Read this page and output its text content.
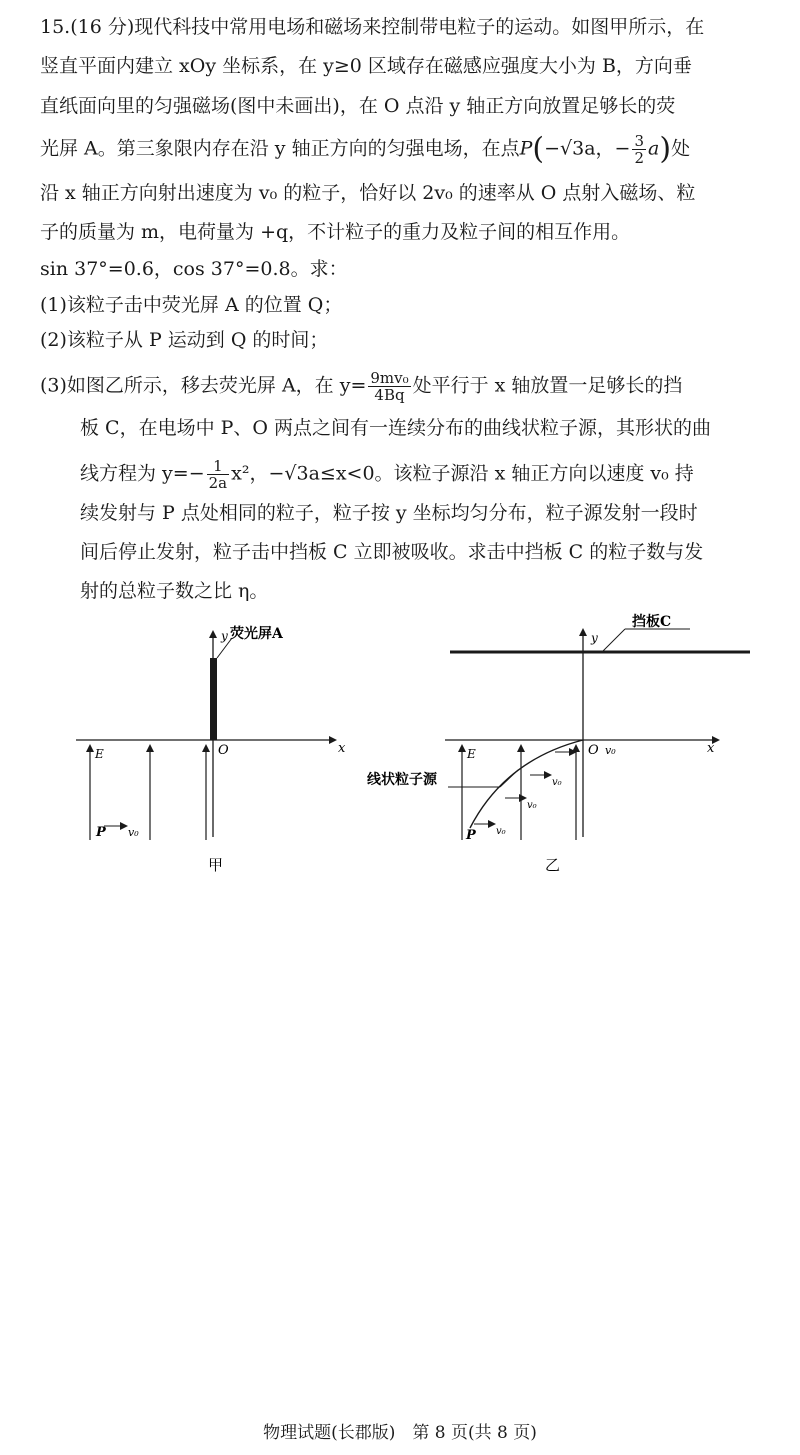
15.(16 分)现代科技中常用电场和磁场来控制带电粒子的运动。如图甲所示，在
竖直平面内建立 xOy 坐标系，在 y≥0 区域存在磁感应强度大小为 B，方向垂
直纸面向里的匀强磁场(图中未画出)，在 O 点沿 y 轴正方向放置足够长的荧
光屏 A。第三象限内存在沿 y 轴正方向的匀强电场，在点P(−√3a，− $\frac{3}{2} a$)处
沿 x 轴正方向射出速度为 v₀ 的粒子，恰好以 2v₀ 的速率从 O 点射入磁场、粒
子的质量为 m，电荷量为 +q，不计粒子的重力及粒子间的相互作用。
sin 37°=0.6，cos 37°=0.8。求：
(1)该粒子击中荧光屏 A 的位置 Q；
(2)该粒子从 P 运动到 Q 的时间；
(3)如图乙所示，移去荧光屏 A，在 $y= \frac{\text{9mv₀}}{4Bq}$ 处平行于 x 轴放置一足够长的挡
板 C，在电场中 P、O 两点之间有一连续分布的曲线状粒子源，其形状的曲
线方程为 $y=- \frac{1}{2a} x^2$，−√3a≤x<0。该粒子源沿 x 轴正方向以速度 v₀ 持
续发射与 P 点处相同的粒子，粒子按 y 坐标均匀分布，粒子源发射一段时
间后停止发射，粒子击中挡板 C 立即被吸收。求击中挡板 C 的粒子数与发
射的总粒子数之比 η。
荧光屏A
y
x
O
E
P v₀
甲
挡板C
y
x
O v₀
E
v₀
v₀
v₀
线状粒子源
P
乙
物理试题(长郡版)　第 8 页(共 8 页)
